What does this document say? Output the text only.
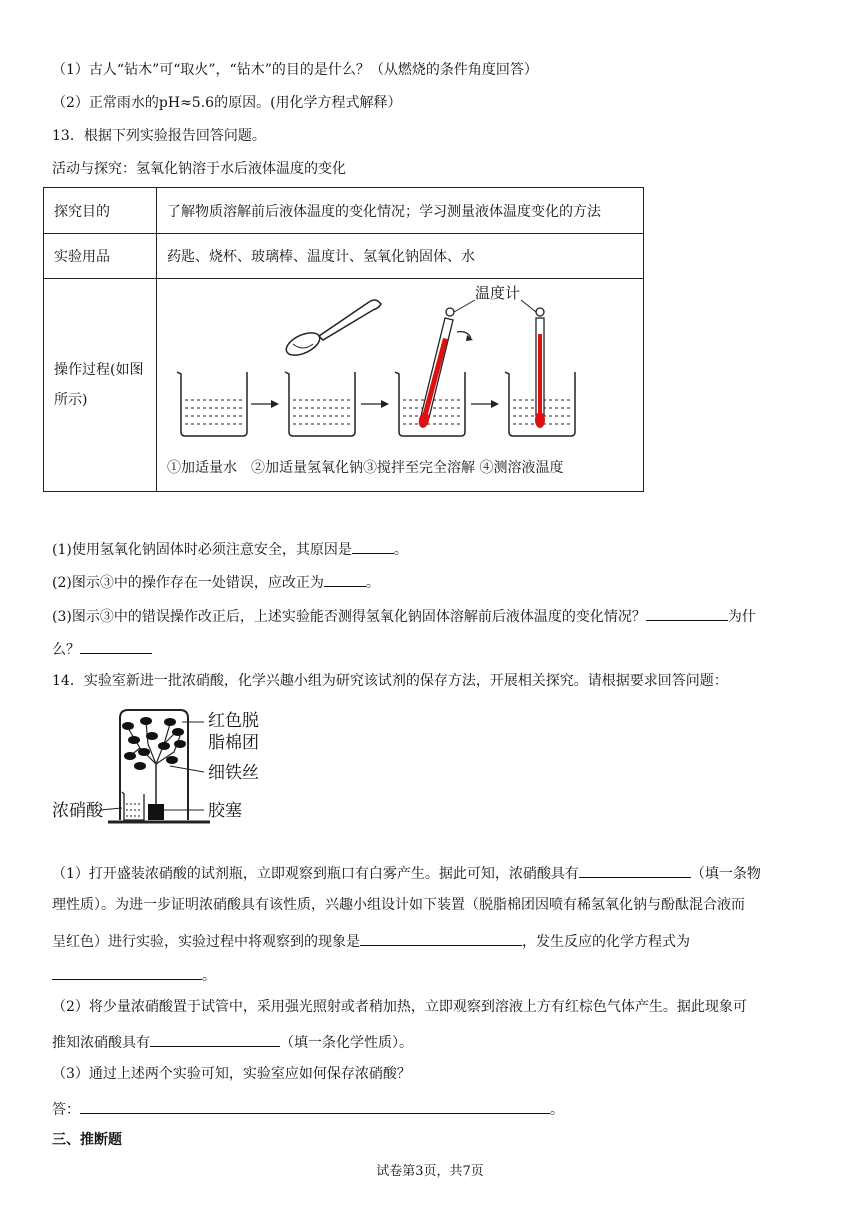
（1）古人“钻木”可“取火”，“钻木”的目的是什么？（从燃烧的条件角度回答）
（2）正常雨水的pH≈5.6的原因。(用化学方程式解释）
13．根据下列实验报告回答问题。
活动与探究：氢氧化钠溶于水后液体温度的变化
探究目的	了解物质溶解前后液体温度的变化情况；学习测量液体温度变化的方法
实验用品	药匙、烧杯、玻璃棒、温度计、氢氧化钠固体、水
操作过程(如图
所示)	温度计
①加适量水　②加适量氢氧化钠③搅拌至完全溶解 ④测溶液温度
(1)使用氢氧化钠固体时必须注意安全，其原因是	。
(2)图示③中的操作存在一处错误，应改正为	。
(3)图示③中的错误操作改正后，上述实验能否测得氢氧化钠固体溶解前后液体温度的变化情况？	为什
么？
14．实验室新进一批浓硝酸，化学兴趣小组为研究该试剂的保存方法，开展相关探究。请根据要求回答问题：
红色脱
脂棉团
细铁丝
胶塞
浓硝酸
（1）打开盛装浓硝酸的试剂瓶，立即观察到瓶口有白雾产生。据此可知，浓硝酸具有	（填一条物
理性质）。为进一步证明浓硝酸具有该性质，兴趣小组设计如下装置（脱脂棉团因喷有稀氢氧化钠与酚酞混合液而
呈红色）进行实验，实验过程中将观察到的现象是	，发生反应的化学方程式为
。
（2）将少量浓硝酸置于试管中，采用强光照射或者稍加热，立即观察到溶液上方有红棕色气体产生。据此现象可
推知浓硝酸具有	（填一条化学性质）。
（3）通过上述两个实验可知，实验室应如何保存浓硝酸？
答：	。
三、推断题
试卷第3页，共7页
